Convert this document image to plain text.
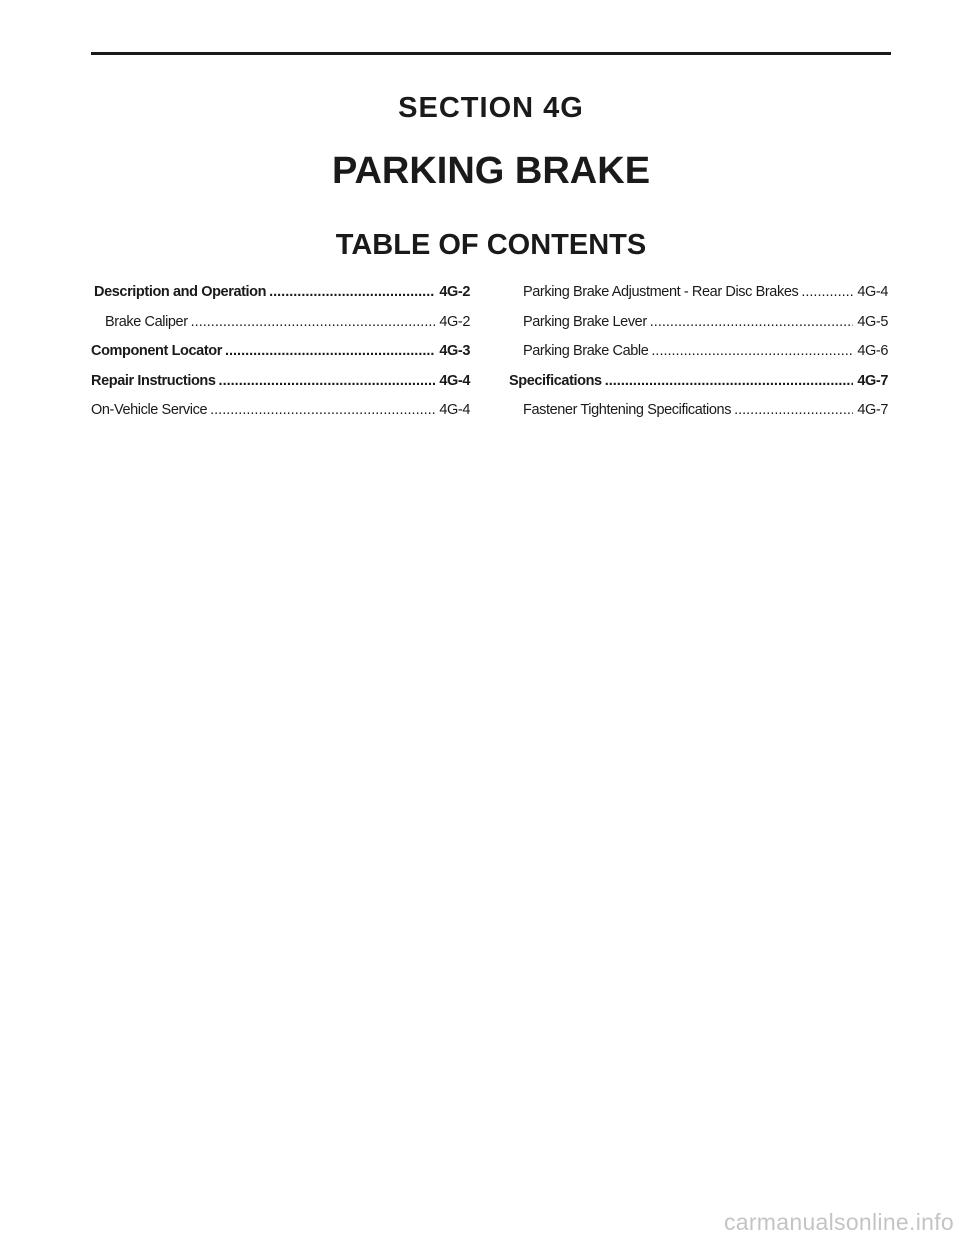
SECTION 4G
PARKING BRAKE
TABLE OF CONTENTS
Description and Operation .....	4G-2
Brake Caliper .....	4G-2
Component Locator .....	4G-3
Repair Instructions .....	4G-4
On-Vehicle Service .....	4G-4
Parking Brake Adjustment - Rear Disc Brakes .....	4G-4
Parking Brake Lever .....	4G-5
Parking Brake Cable .....	4G-6
Specifications .....	4G-7
Fastener Tightening Specifications .....	4G-7
carmanualsonline.info
